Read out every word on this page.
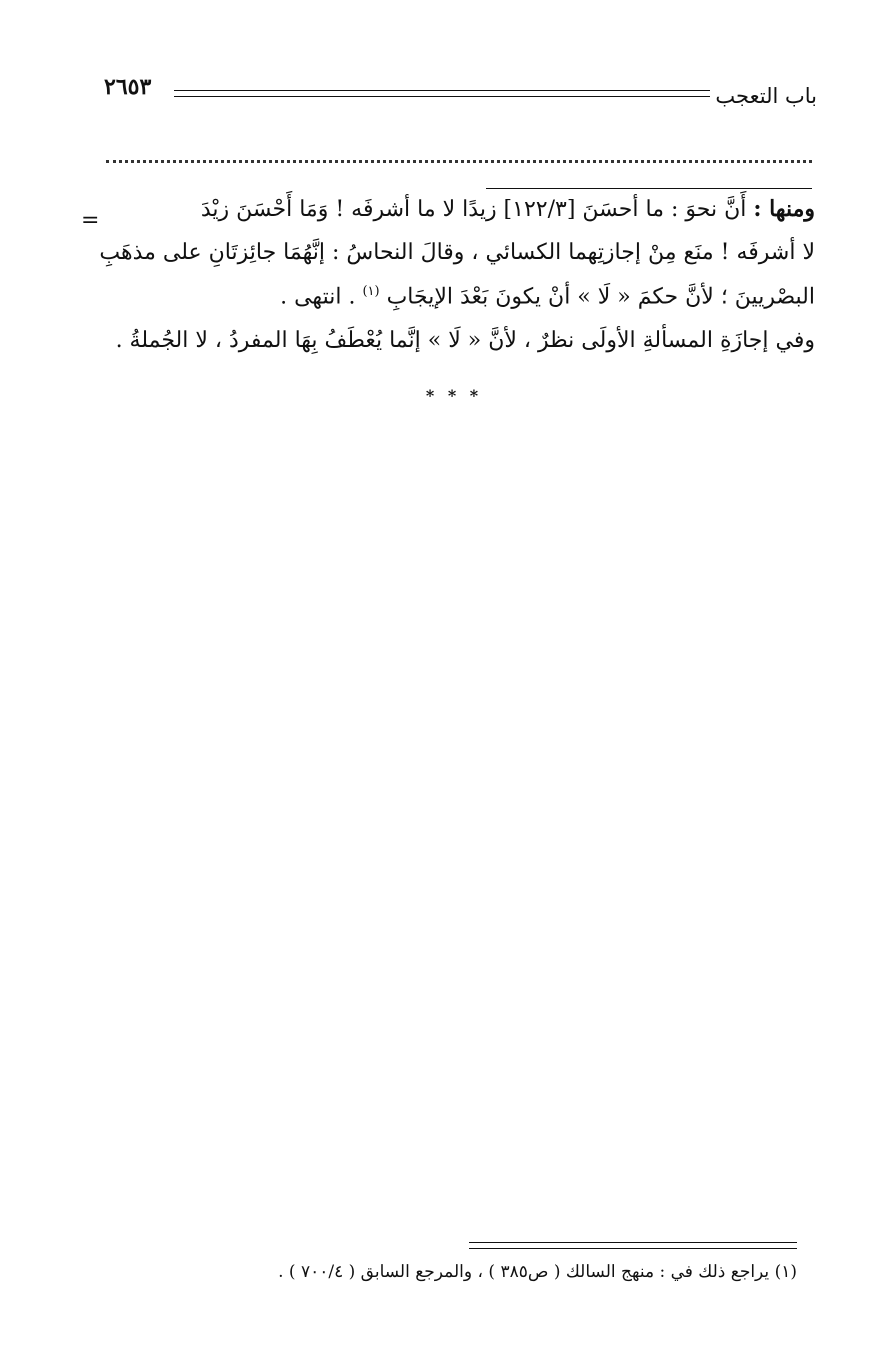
باب التعجب
٢٦٥٣
=	ومنها : أَنَّ نحوَ : ما أحسَنَ [١٢٢/٣] زيدًا لا ما أشرفَه ! وَمَا أَحْسَنَ زيْدَ
لا أشرفَه ! منَع مِنْ إجازتِهما الكسائي ، وقالَ النحاسُ : إنَّهُمَا جائِزتَانِ على مذهَبِ
البصْريينَ ؛ لأنَّ حكمَ « لَا » أنْ يكونَ بَعْدَ الإيجَابِ $^{(١)}$ . انتهى .
وفي إجازَةِ المسألةِ الأولَى نظرٌ ، لأنَّ « لَا » إنَّما يُعْطَفُ بِهَا المفردُ ، لا الجُملةُ .
* * *
(١) يراجع ذلك في : منهج السالك ( ص٣٨٥ ) ، والمرجع السابق ( ٧٠٠/٤ ) .
